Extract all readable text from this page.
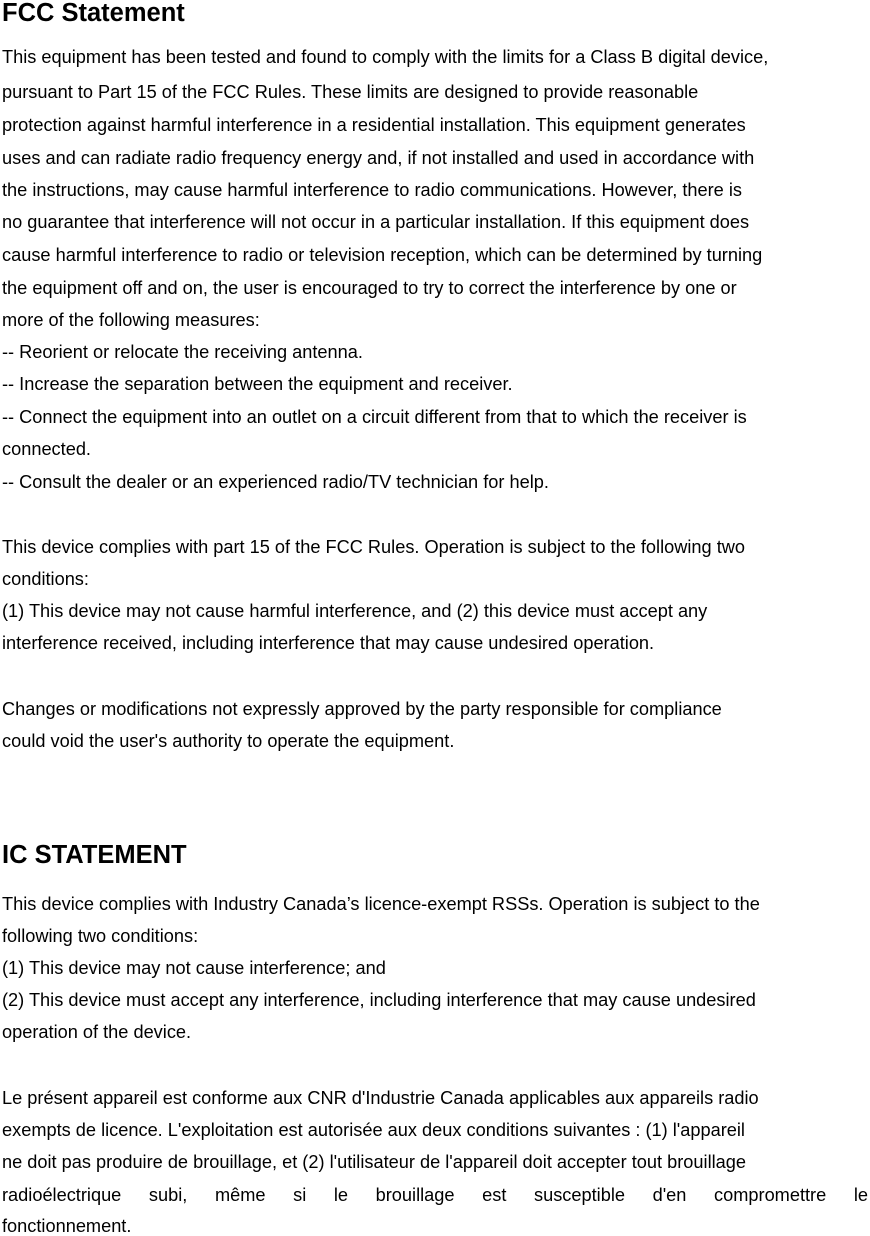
FCC Statement

This equipment has been tested and found to comply with the limits for a Class B digital device,

pursuant to Part 15 of the FCC Rules. These limits are designed to provide reasonable

protection against harmful interference in a residential installation. This equipment generates

uses and can radiate radio frequency energy and, if not installed and used in accordance with

the instructions, may cause harmful interference to radio communications. However, there is

no guarantee that interference will not occur in a particular installation. If this equipment does

cause harmful interference to radio or television reception, which can be determined by turning

the equipment off and on, the user is encouraged to try to correct the interference by one or

more of the following measures:

-- Reorient or relocate the receiving antenna.

-- Increase the separation between the equipment and receiver.

-- Connect the equipment into an outlet on a circuit different from that to which the receiver is

connected.

-- Consult the dealer or an experienced radio/TV technician for help.

This device complies with part 15 of the FCC Rules. Operation is subject to the following two

conditions:

(1) This device may not cause harmful interference, and (2) this device must accept any

interference received, including interference that may cause undesired operation.

Changes or modifications not expressly approved by the party responsible for compliance

could void the user's authority to operate the equipment.

IC STATEMENT

This device complies with Industry Canada’s licence-exempt RSSs. Operation is subject to the

following two conditions:

(1) This device may not cause interference; and

(2) This device must accept any interference, including interference that may cause undesired

operation of the device.

Le présent appareil est conforme aux CNR d'Industrie Canada applicables aux appareils radio

exempts de licence. L'exploitation est autorisée aux deux conditions suivantes : (1) l'appareil

ne doit pas produire de brouillage, et (2) l'utilisateur de l'appareil doit accepter tout brouillage

radioélectrique subi, même si le brouillage est susceptible d'en compromettre le

fonctionnement.
